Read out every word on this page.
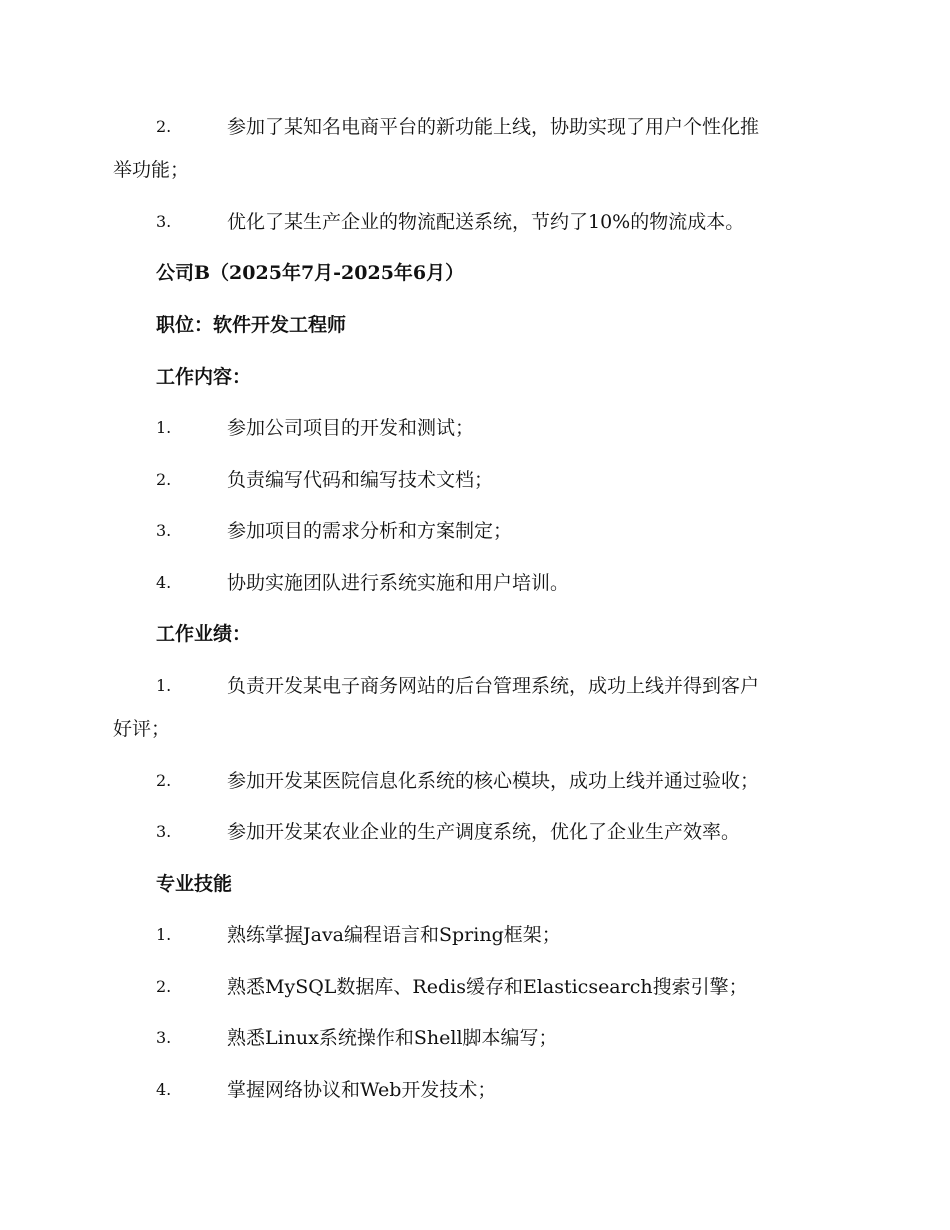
2.	参加了某知名电商平台的新功能上线，协助实现了用户个性化推
举功能；
3.	优化了某生产企业的物流配送系统，节约了10%的物流成本。
公司B（2025年7月-2025年6月）
职位：软件开发工程师
工作内容：
1.	参加公司项目的开发和测试；
2.	负责编写代码和编写技术文档；
3.	参加项目的需求分析和方案制定；
4.	协助实施团队进行系统实施和用户培训。
工作业绩：
1.	负责开发某电子商务网站的后台管理系统，成功上线并得到客户
好评；
2.	参加开发某医院信息化系统的核心模块，成功上线并通过验收；
3.	参加开发某农业企业的生产调度系统，优化了企业生产效率。
专业技能
1.	熟练掌握Java编程语言和Spring框架；
2.	熟悉MySQL数据库、Redis缓存和Elasticsearch搜索引擎；
3.	熟悉Linux系统操作和Shell脚本编写；
4.	掌握网络协议和Web开发技术；
